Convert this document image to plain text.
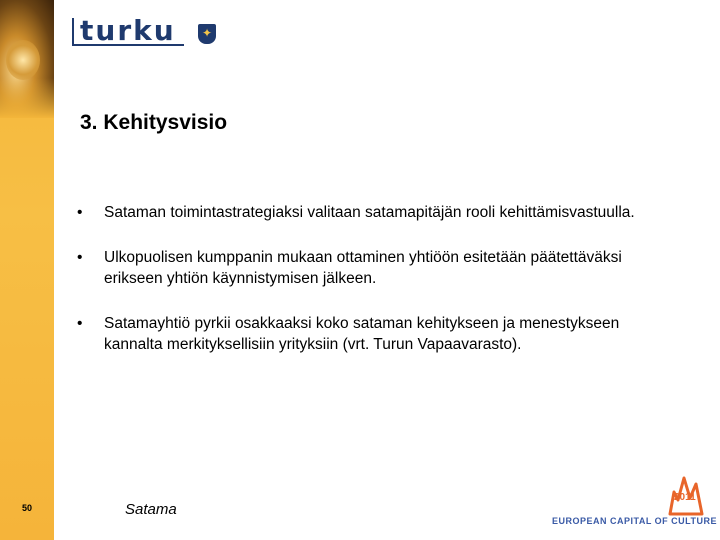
turku ✦
3. Kehitysvisio
• Sataman toimintastrategiaksi valitaan satamapitäjän rooli kehittämisvastuulla.
• Ulkopuolisen kumppanin mukaan ottaminen yhtiöön esitetään päätettäväksi erikseen yhtiön käynnistymisen jälkeen.
• Satamayhtiö pyrkii osakkaaksi koko sataman kehitykseen ja menestykseen kannalta merkityksellisiin yrityksiin (vrt. Turun Vapaavarasto).
50	Satama
2011
EUROPEAN CAPITAL OF CULTURE
